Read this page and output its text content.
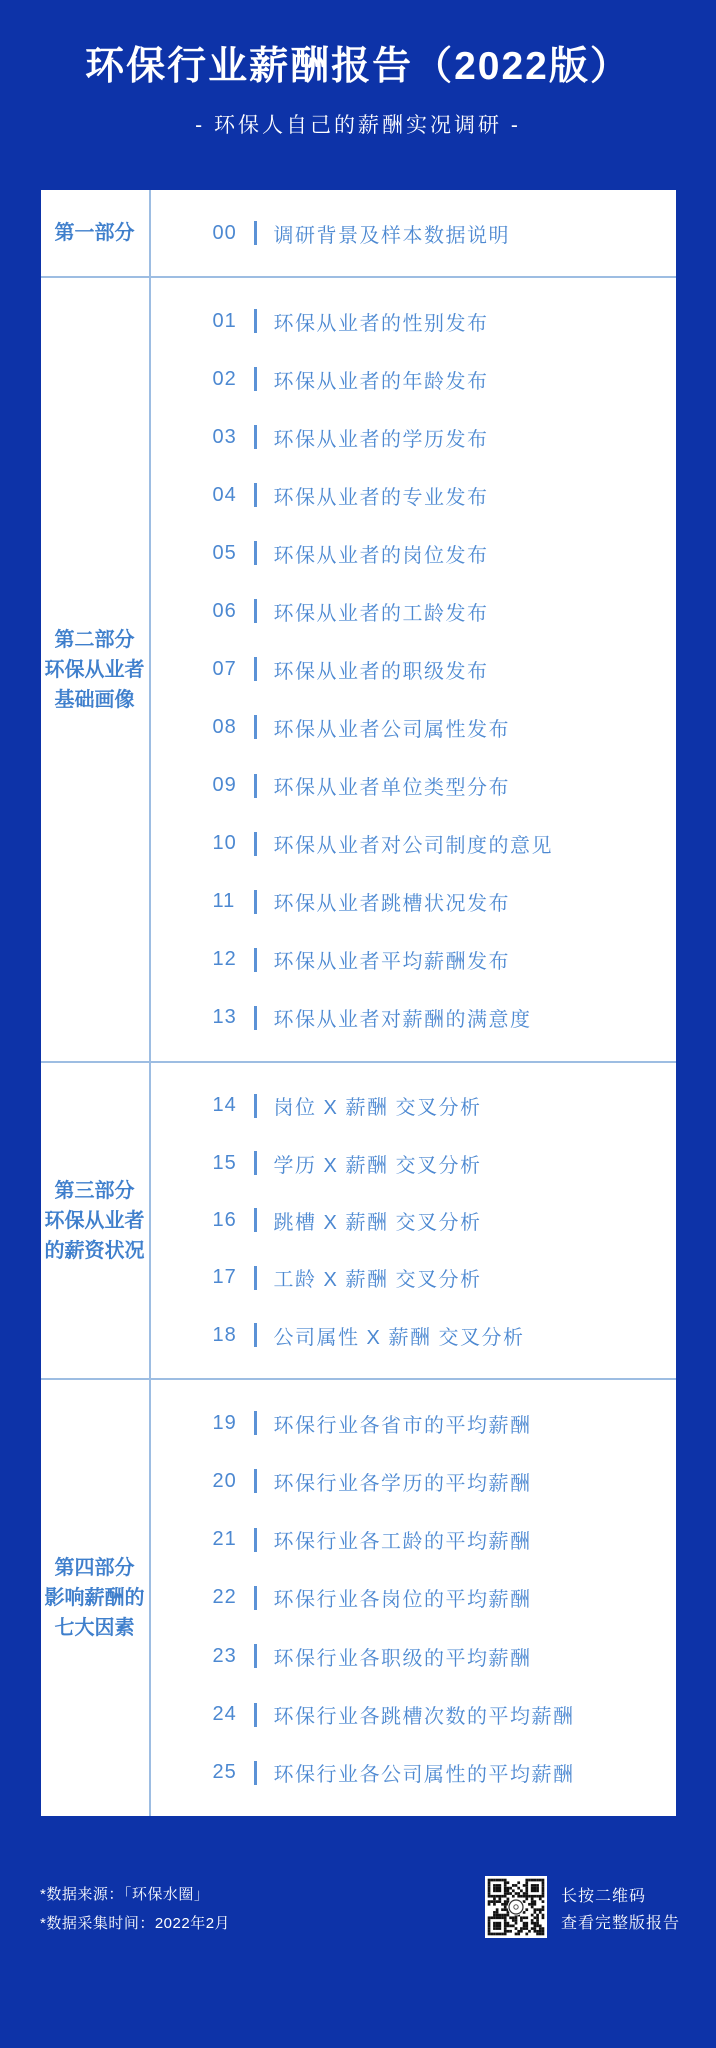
环保行业薪酬报告（2022版）
- 环保人自己的薪酬实况调研 -
第一部分	00	调研背景及样本数据说明
第二部分
环保从业者
基础画像
01	环保从业者的性别发布
02	环保从业者的年龄发布
03	环保从业者的学历发布
04	环保从业者的专业发布
05	环保从业者的岗位发布
06	环保从业者的工龄发布
07	环保从业者的职级发布
08	环保从业者公司属性发布
09	环保从业者单位类型分布
10	环保从业者对公司制度的意见
11	环保从业者跳槽状况发布
12	环保从业者平均薪酬发布
13	环保从业者对薪酬的满意度
第三部分
环保从业者
的薪资状况
14	岗位 X 薪酬 交叉分析
15	学历 X 薪酬 交叉分析
16	跳槽 X 薪酬 交叉分析
17	工龄 X 薪酬 交叉分析
18	公司属性 X 薪酬 交叉分析
第四部分
影响薪酬的
七大因素
19	环保行业各省市的平均薪酬
20	环保行业各学历的平均薪酬
21	环保行业各工龄的平均薪酬
22	环保行业各岗位的平均薪酬
23	环保行业各职级的平均薪酬
24	环保行业各跳槽次数的平均薪酬
25	环保行业各公司属性的平均薪酬
*数据来源：「环保水圈」
*数据采集时间：2022年2月
长按二维码
查看完整版报告
